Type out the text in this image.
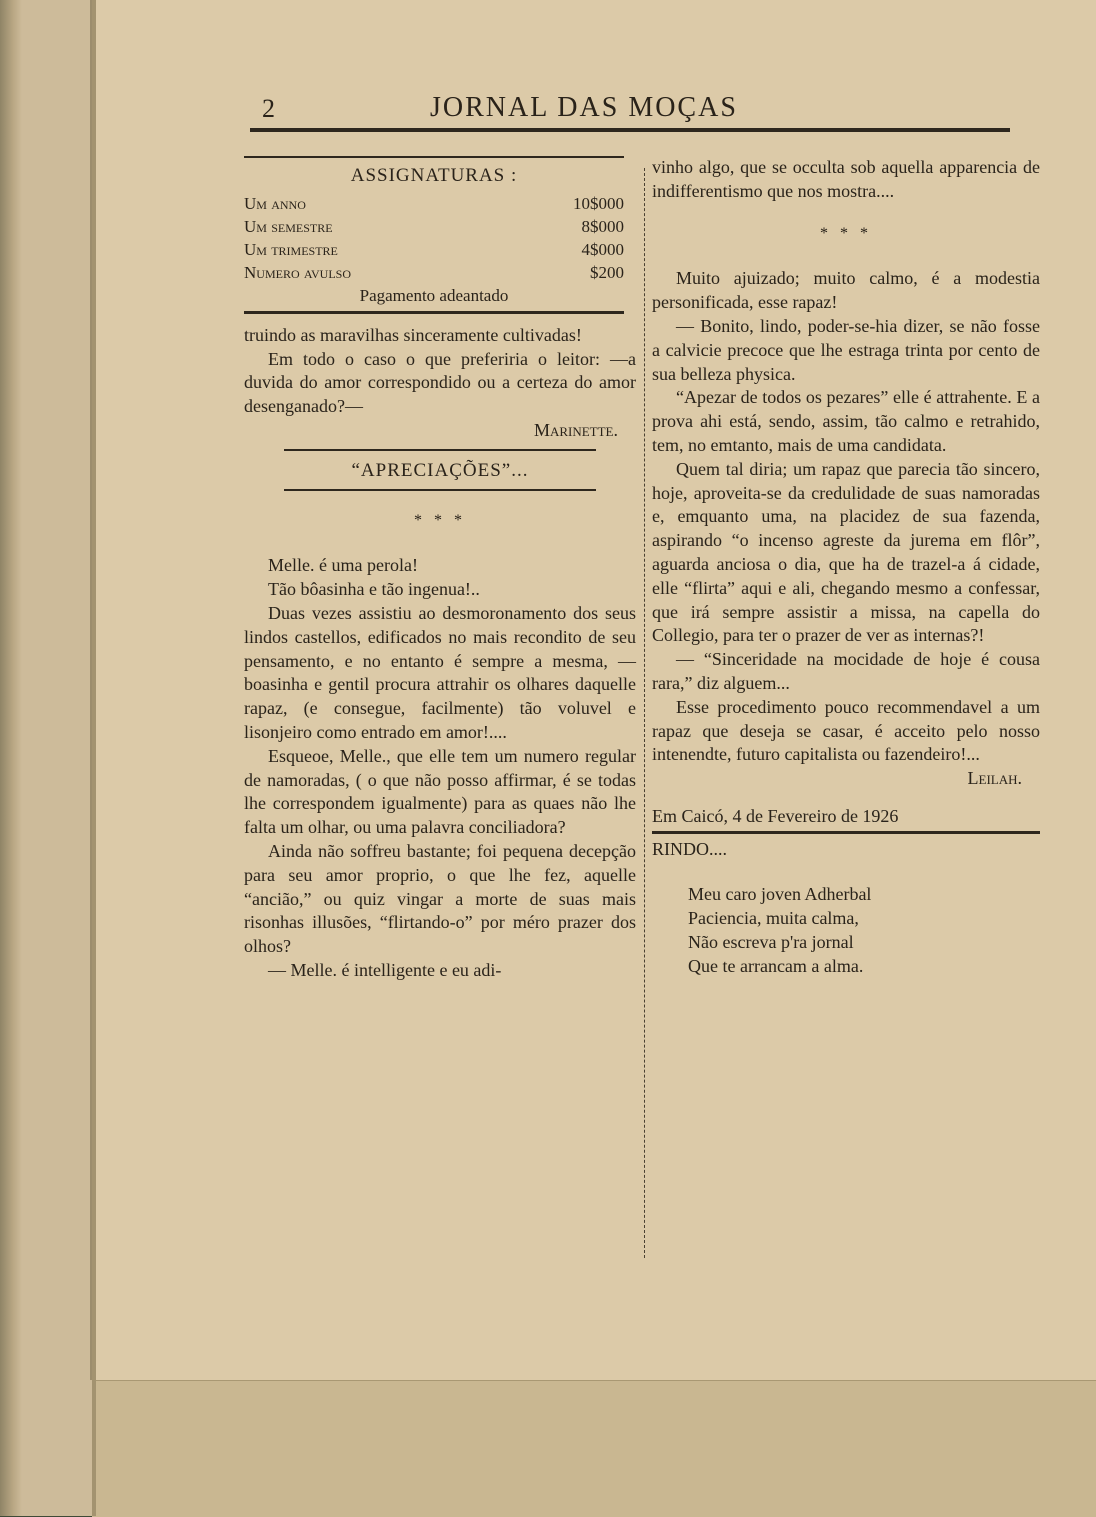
2	JORNAL DAS MOÇAS
ASSIGNATURAS :
Um anno	10$000
Um semestre	8$000
Um trimestre	4$000
Numero avulso	$200
Pagamento adeantado

truindo as maravilhas sinceramente cultivadas!

Em todo o caso o que preferiria o leitor: —a duvida do amor correspondido ou a certeza do amor desenganado?—

Marinette.

“APRECIAÇÕES”...
* * *

Melle. é uma perola!

Tão bôasinha e tão ingenua!..

Duas vezes assistiu ao desmoronamento dos seus lindos castellos, edificados no mais recondito de seu pensamento, e no entanto é sempre a mesma, — boasinha e gentil procura attrahir os olhares daquelle rapaz, (e consegue, facilmente) tão voluvel e lisonjeiro como entrado em amor!....

Esqueoe, Melle., que elle tem um numero regular de namoradas, ( o que não posso affirmar, é se todas lhe correspondem igualmente) para as quaes não lhe falta um olhar, ou uma palavra conciliadora?

Ainda não soffreu bastante; foi pequena decepção para seu amor proprio, o que lhe fez, aquelle “ancião,” ou quiz vingar a morte de suas mais risonhas illusões, “flirtando-o” por méro prazer dos olhos?

— Melle. é intelligente e eu adi-

vinho algo, que se occulta sob aquella apparencia de indifferentismo que nos mostra....

* * *

Muito ajuizado; muito calmo, é a modestia personificada, esse rapaz!

— Bonito, lindo, poder-se-hia dizer, se não fosse a calvicie precoce que lhe estraga trinta por cento de sua belleza physica.

“Apezar de todos os pezares” elle é attrahente. E a prova ahi está, sendo, assim, tão calmo e retrahido, tem, no emtanto, mais de uma candidata.

Quem tal diria; um rapaz que parecia tão sincero, hoje, aproveita-se da credulidade de suas namoradas e, emquanto uma, na placidez de sua fazenda, aspirando “o incenso agreste da jurema em flôr”, aguarda anciosa o dia, que ha de trazel-a á cidade, elle “flirta” aqui e ali, chegando mesmo a confessar, que irá sempre assistir a missa, na capella do Collegio, para ter o prazer de ver as internas?!

— “Sinceridade na mocidade de hoje é cousa rara,” diz alguem...

Esse procedimento pouco recommendavel a um rapaz que deseja se casar, é acceito pelo nosso intenendte, futuro capitalista ou fazendeiro!...

Leilah.

Em Caicó, 4 de Fevereiro de 1926
RINDO....
Meu caro joven Adherbal
Paciencia, muita calma,
Não escreva p'ra jornal
Que te arrancam a alma.
